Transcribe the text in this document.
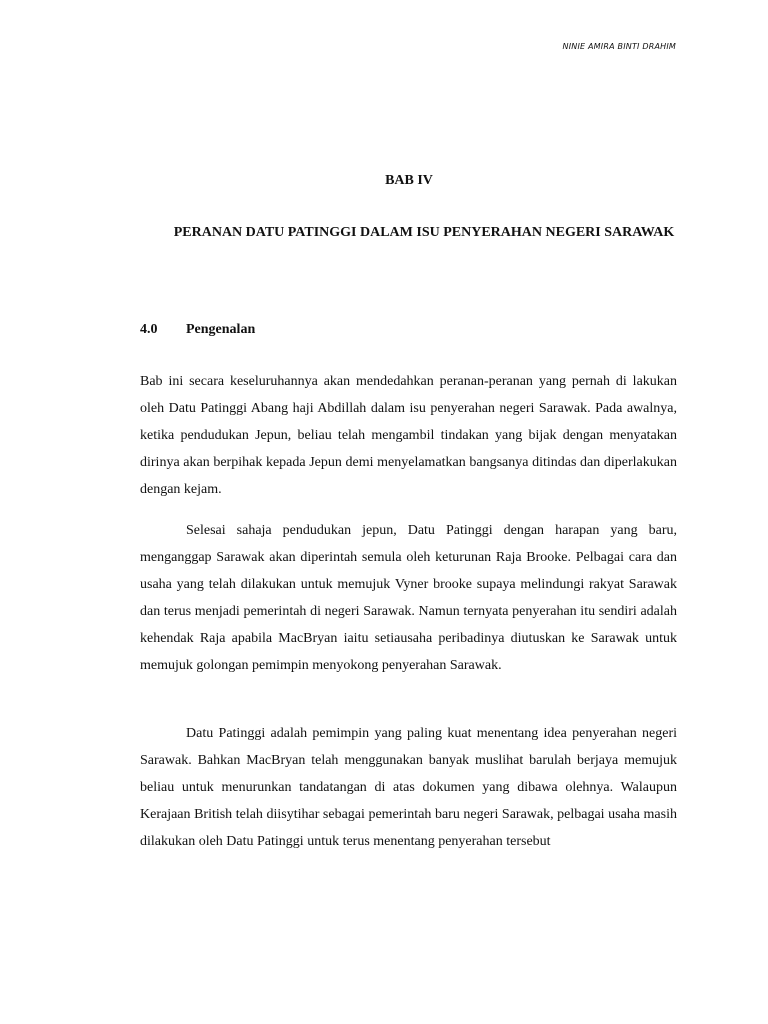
NINIE AMIRA BINTI DRAHIM
BAB IV
PERANAN DATU PATINGGI DALAM ISU PENYERAHAN NEGERI SARAWAK
4.0 Pengenalan

Bab ini secara keseluruhannya akan mendedahkan peranan-peranan yang pernah di lakukan oleh Datu Patinggi Abang haji Abdillah dalam isu penyerahan negeri Sarawak. Pada awalnya, ketika pendudukan Jepun, beliau telah mengambil tindakan yang bijak dengan menyatakan dirinya akan berpihak kepada Jepun demi menyelamatkan bangsanya ditindas dan diperlakukan dengan kejam.

Selesai sahaja pendudukan jepun, Datu Patinggi dengan harapan yang baru, menganggap Sarawak akan diperintah semula oleh keturunan Raja Brooke. Pelbagai cara dan usaha yang telah dilakukan untuk memujuk Vyner brooke supaya melindungi rakyat Sarawak dan terus menjadi pemerintah di negeri Sarawak. Namun ternyata penyerahan itu sendiri adalah kehendak Raja apabila MacBryan iaitu setiausaha peribadinya diutuskan ke Sarawak untuk memujuk golongan pemimpin menyokong penyerahan Sarawak.

Datu Patinggi adalah pemimpin yang paling kuat menentang idea penyerahan negeri Sarawak. Bahkan MacBryan telah menggunakan banyak muslihat barulah berjaya memujuk beliau untuk menurunkan tandatangan di atas dokumen yang dibawa olehnya. Walaupun Kerajaan British telah diisytihar sebagai pemerintah baru negeri Sarawak, pelbagai usaha masih dilakukan oleh Datu Patinggi untuk terus menentang penyerahan tersebut
